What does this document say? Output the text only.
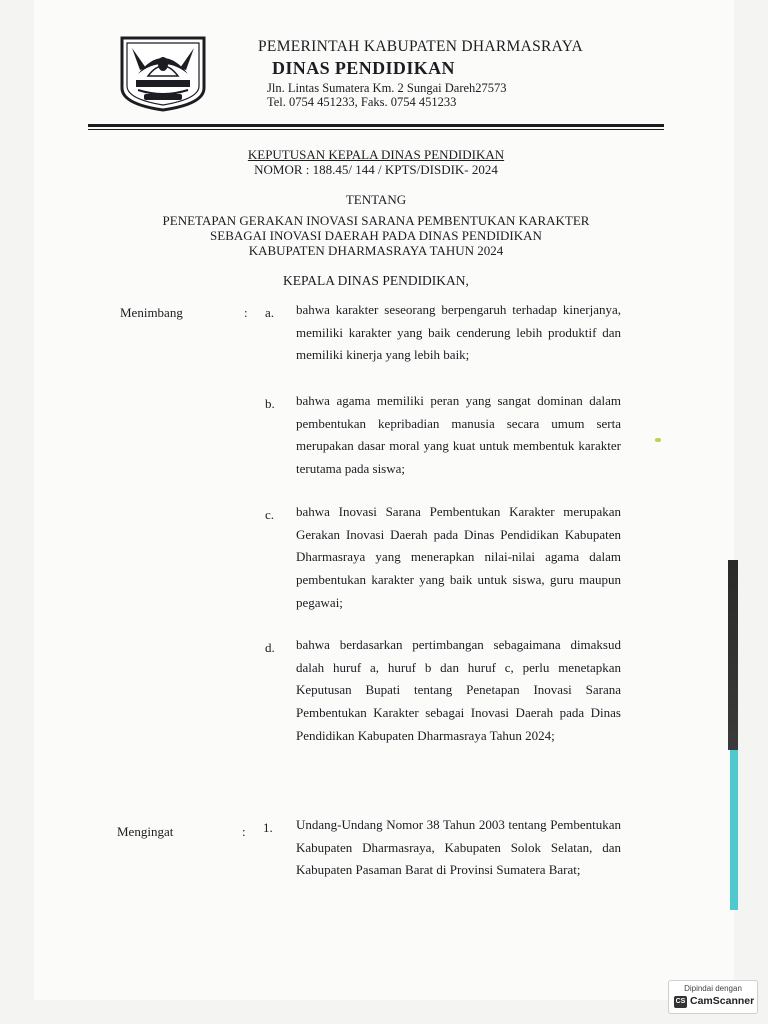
PEMERINTAH KABUPATEN DHARMASRAYA
DINAS PENDIDIKAN
Jln. Lintas Sumatera Km. 2 Sungai Dareh27573
Tel. 0754 451233, Faks. 0754 451233
KEPUTUSAN KEPALA DINAS PENDIDIKAN
NOMOR : 188.45/ 144 / KPTS/DISDIK- 2024
TENTANG
PENETAPAN GERAKAN INOVASI SARANA PEMBENTUKAN KARAKTER
SEBAGAI INOVASI DAERAH PADA DINAS PENDIDIKAN
KABUPATEN DHARMASRAYA TAHUN 2024
KEPALA DINAS PENDIDIKAN,
Menimbang	: a. bahwa karakter seseorang berpengaruh terhadap kinerjanya, memiliki karakter yang baik cenderung lebih produktif dan memiliki kinerja yang lebih baik;
b. bahwa agama memiliki peran yang sangat dominan dalam pembentukan kepribadian manusia secara umum serta merupakan dasar moral yang kuat untuk membentuk karakter terutama pada siswa;
c. bahwa Inovasi Sarana Pembentukan Karakter merupakan Gerakan Inovasi Daerah pada Dinas Pendidikan Kabupaten Dharmasraya yang menerapkan nilai-nilai agama dalam pembentukan karakter yang baik untuk siswa, guru maupun pegawai;
d. bahwa berdasarkan pertimbangan sebagaimana dimaksud dalah huruf a, huruf b dan huruf c, perlu menetapkan Keputusan Bupati tentang Penetapan Inovasi Sarana Pembentukan Karakter sebagai Inovasi Daerah pada Dinas Pendidikan Kabupaten Dharmasraya Tahun 2024;
Mengingat	: 1. Undang-Undang Nomor 38 Tahun 2003 tentang Pembentukan Kabupaten Dharmasraya, Kabupaten Solok Selatan, dan Kabupaten Pasaman Barat di Provinsi Sumatera Barat;
Dipindai dengan
CS CamScanner
